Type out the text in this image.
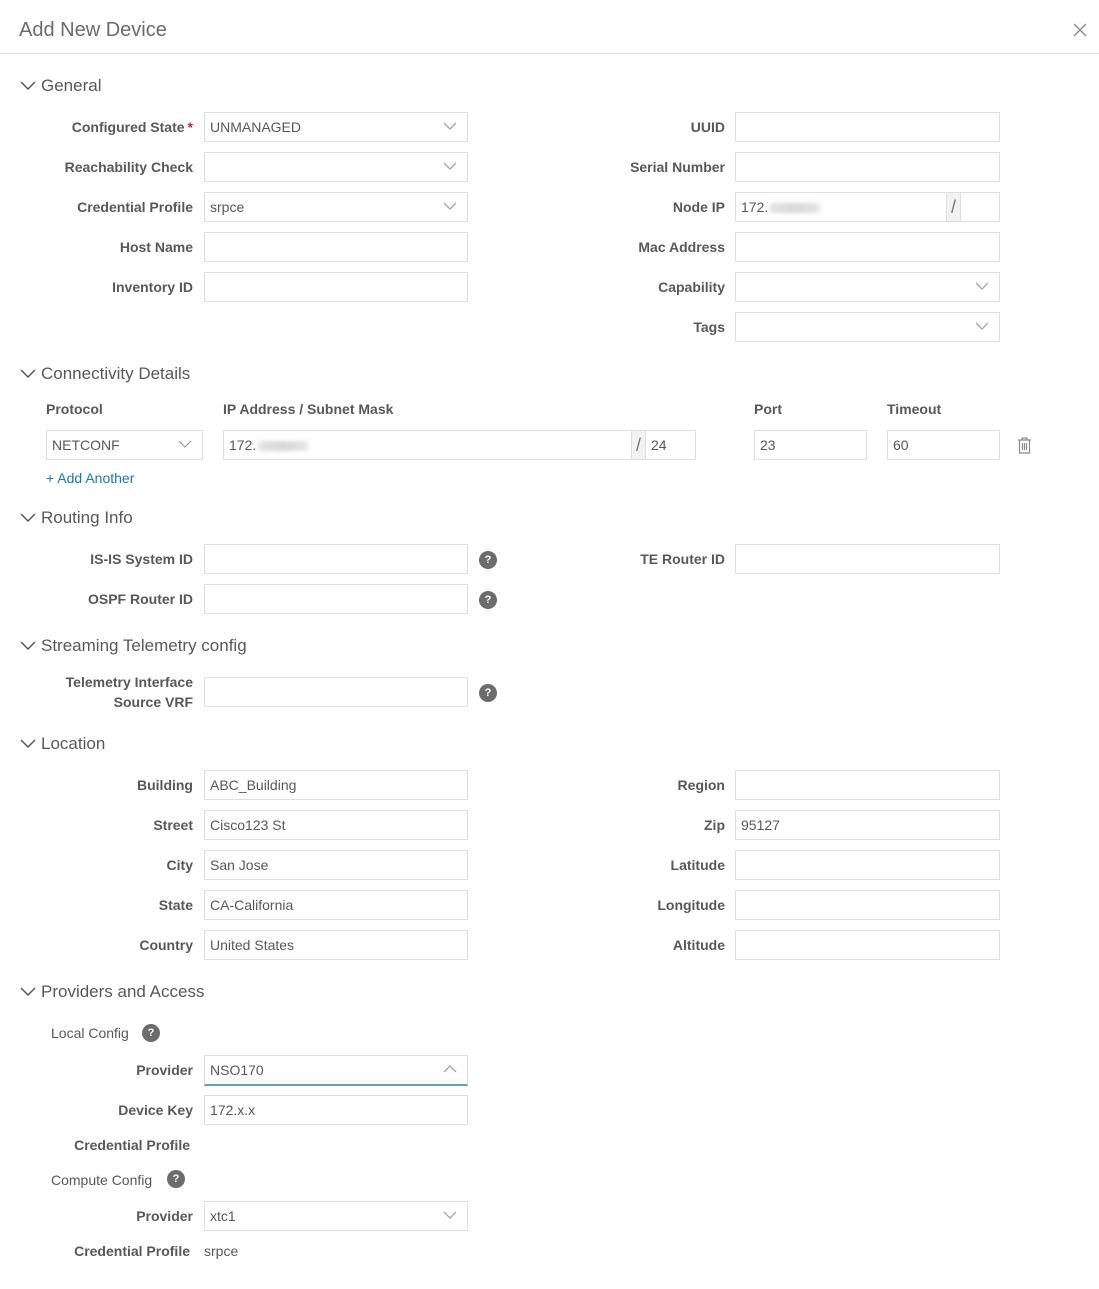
Add New Device
General
Configured State *	UNMANAGED
Reachability Check
Credential Profile	srpce
Host Name
Inventory ID
UUID
Serial Number
Node IP	172.	/
Mac Address
Capability
Tags
Connectivity Details
Protocol	IP Address / Subnet Mask	Port	Timeout
NETCONF	172.	/ 24	23	60
+ Add Another
Routing Info
IS-IS System ID	?
OSPF Router ID	?
TE Router ID
Streaming Telemetry config
Telemetry Interface
Source VRF
?
Location
Building	ABC_Building
Street	Cisco123 St
City	San Jose
State	CA-California
Country	United States
Region
Zip	95127
Latitude
Longitude
Altitude
Providers and Access
Local Config	?
Provider	NSO170
Device Key	172.x.x
Credential Profile
Compute Config	?
Provider	xtc1
Credential Profile srpce
